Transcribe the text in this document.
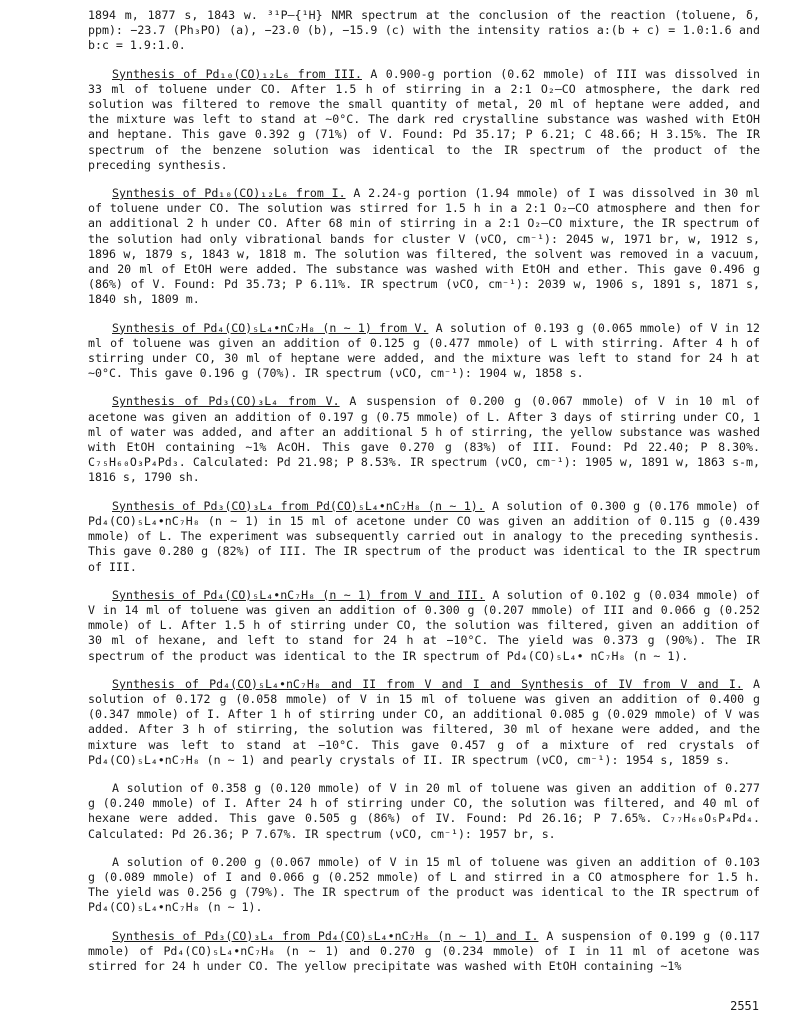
1894 m, 1877 s, 1843 w. ³¹P—{¹H} NMR spectrum at the conclusion of the reaction (toluene, δ, ppm): −23.7 (Ph₃PO) (a), −23.0 (b), −15.9 (c) with the intensity ratios a:(b + c) = 1.0:1.6 and b:c = 1.9:1.0.

Synthesis of Pd₁₀(CO)₁₂L₆ from III. A 0.900-g portion (0.62 mmole) of III was dissolved in 33 ml of toluene under CO. After 1.5 h of stirring in a 2:1 O₂—CO atmosphere, the dark red solution was filtered to remove the small quantity of metal, 20 ml of heptane were added, and the mixture was left to stand at ~0°C. The dark red crystalline substance was washed with EtOH and heptane. This gave 0.392 g (71%) of V. Found: Pd 35.17; P 6.21; C 48.66; H 3.15%. The IR spectrum of the benzene solution was identical to the IR spectrum of the product of the preceding synthesis.

Synthesis of Pd₁₀(CO)₁₂L₆ from I. A 2.24-g portion (1.94 mmole) of I was dissolved in 30 ml of toluene under CO. The solution was stirred for 1.5 h in a 2:1 O₂—CO atmosphere and then for an additional 2 h under CO. After 68 min of stirring in a 2:1 O₂—CO mixture, the IR spectrum of the solution had only vibrational bands for cluster V (νCO, cm⁻¹): 2045 w, 1971 br, w, 1912 s, 1896 w, 1879 s, 1843 w, 1818 m. The solution was filtered, the solvent was removed in a vacuum, and 20 ml of EtOH were added. The substance was washed with EtOH and ether. This gave 0.496 g (86%) of V. Found: Pd 35.73; P 6.11%. IR spectrum (νCO, cm⁻¹): 2039 w, 1906 s, 1891 s, 1871 s, 1840 sh, 1809 m.

Synthesis of Pd₄(CO)₅L₄•nC₇H₈ (n ~ 1) from V. A solution of 0.193 g (0.065 mmole) of V in 12 ml of toluene was given an addition of 0.125 g (0.477 mmole) of L with stirring. After 4 h of stirring under CO, 30 ml of heptane were added, and the mixture was left to stand for 24 h at ~0°C. This gave 0.196 g (70%). IR spectrum (νCO, cm⁻¹): 1904 w, 1858 s.

Synthesis of Pd₃(CO)₃L₄ from V. A suspension of 0.200 g (0.067 mmole) of V in 10 ml of acetone was given an addition of 0.197 g (0.75 mmole) of L. After 3 days of stirring under CO, 1 ml of water was added, and after an additional 5 h of stirring, the yellow substance was washed with EtOH containing ~1% AcOH. This gave 0.270 g (83%) of III. Found: Pd 22.40; P 8.30%. C₇₅H₆₀O₃P₄Pd₃. Calculated: Pd 21.98; P 8.53%. IR spectrum (νCO, cm⁻¹): 1905 w, 1891 w, 1863 s-m, 1816 s, 1790 sh.

Synthesis of Pd₃(CO)₃L₄ from Pd(CO)₅L₄•nC₇H₈ (n ~ 1). A solution of 0.300 g (0.176 mmole) of Pd₄(CO)₅L₄•nC₇H₈ (n ~ 1) in 15 ml of acetone under CO was given an addition of 0.115 g (0.439 mmole) of L. The experiment was subsequently carried out in analogy to the preceding synthesis. This gave 0.280 g (82%) of III. The IR spectrum of the product was identical to the IR spectrum of III.

Synthesis of Pd₄(CO)₅L₄•nC₇H₈ (n ~ 1) from V and III. A solution of 0.102 g (0.034 mmole) of V in 14 ml of toluene was given an addition of 0.300 g (0.207 mmole) of III and 0.066 g (0.252 mmole) of L. After 1.5 h of stirring under CO, the solution was filtered, given an addition of 30 ml of hexane, and left to stand for 24 h at −10°C. The yield was 0.373 g (90%). The IR spectrum of the product was identical to the IR spectrum of Pd₄(CO)₅L₄• nC₇H₈ (n ~ 1).

Synthesis of Pd₄(CO)₅L₄•nC₇H₈ and II from V and I and Synthesis of IV from V and I. A solution of 0.172 g (0.058 mmole) of V in 15 ml of toluene was given an addition of 0.400 g (0.347 mmole) of I. After 1 h of stirring under CO, an additional 0.085 g (0.029 mmole) of V was added. After 3 h of stirring, the solution was filtered, 30 ml of hexane were added, and the mixture was left to stand at −10°C. This gave 0.457 g of a mixture of red crystals of Pd₄(CO)₅L₄•nC₇H₈ (n ~ 1) and pearly crystals of II. IR spectrum (νCO, cm⁻¹): 1954 s, 1859 s.

A solution of 0.358 g (0.120 mmole) of V in 20 ml of toluene was given an addition of 0.277 g (0.240 mmole) of I. After 24 h of stirring under CO, the solution was filtered, and 40 ml of hexane were added. This gave 0.505 g (86%) of IV. Found: Pd 26.16; P 7.65%. C₇₇H₆₀O₅P₄Pd₄. Calculated: Pd 26.36; P 7.67%. IR spectrum (νCO, cm⁻¹): 1957 br, s.

A solution of 0.200 g (0.067 mmole) of V in 15 ml of toluene was given an addition of 0.103 g (0.089 mmole) of I and 0.066 g (0.252 mmole) of L and stirred in a CO atmosphere for 1.5 h. The yield was 0.256 g (79%). The IR spectrum of the product was identical to the IR spectrum of Pd₄(CO)₅L₄•nC₇H₈ (n ~ 1).

Synthesis of Pd₃(CO)₃L₄ from Pd₄(CO)₅L₄•nC₇H₈ (n ~ 1) and I. A suspension of 0.199 g (0.117 mmole) of Pd₄(CO)₅L₄•nC₇H₈ (n ~ 1) and 0.270 g (0.234 mmole) of I in 11 ml of acetone was stirred for 24 h under CO. The yellow precipitate was washed with EtOH containing ~1%

2551
